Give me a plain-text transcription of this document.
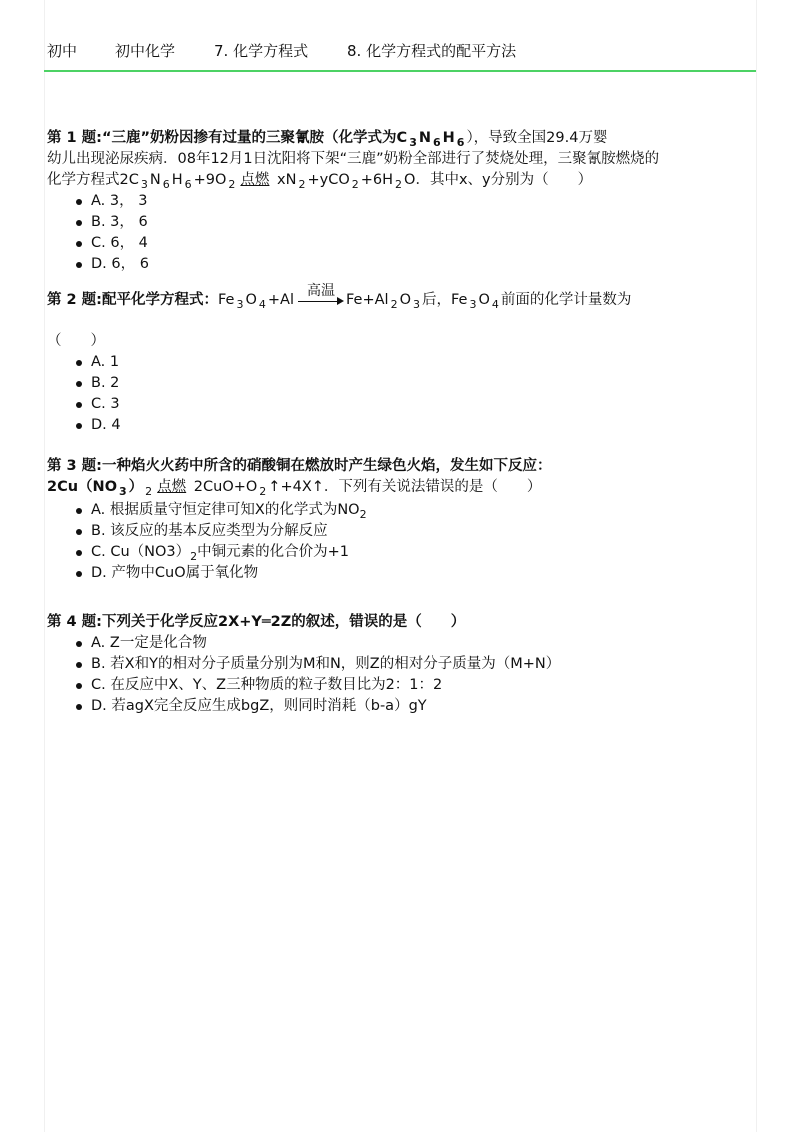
初中	初中化学	7. 化学方程式	8. 化学方程式的配平方法
第 1 题:“三鹿”奶粉因掺有过量的三聚氰胺（化学式为C $_3$ N $_6$ H $_6$ ），导致全国29.4万婴
幼儿出现泌尿疾病．08年12月1日沈阳将下架“三鹿”奶粉全部进行了焚烧处理，三聚氰胺燃烧的
化学方程式2C $_3$ N $_6$ H $_6$ +9O $_2$ 点燃 xN $_2$ +yCO $_2$ +6H $_2$ O．其中x、y分别为（　　）
A. 3， 3
B. 3， 6
C. 6， 4
D. 6， 6
第 2 题:配平化学方程式：Fe $_3$ O $_4$ +Al
高温
Fe+Al $_2$ O $_3$ 后，Fe $_3$ O $_4$ 前面的化学计量数为
（　　）
A. 1
B. 2
C. 3
D. 4
第 3 题:一种焰火火药中所含的硝酸铜在燃放时产生绿色火焰，发生如下反应：
2Cu（NO $_3$ ） $_2$ 点燃 2CuO+O $_2$ ↑+4X↑．下列有关说法错误的是（　　）
A. 根据质量守恒定律可知X的化学式为$NO_2$
B. 该反应的基本反应类型为分解反应
C. $Cu(NO3)_2$中铜元素的化合价为+1
D. 产物中CuO属于氧化物
第 4 题:下列关于化学反应2X+Y═2Z的叙述，错误的是（　　）
A. Z一定是化合物
B. 若X和Y的相对分子质量分别为M和N，则Z的相对分子质量为（M+N）
C. 在反应中X、Y、Z三种物质的粒子数目比为2：1：2
D. 若agX完全反应生成bgZ，则同时消耗（b-a）gY
